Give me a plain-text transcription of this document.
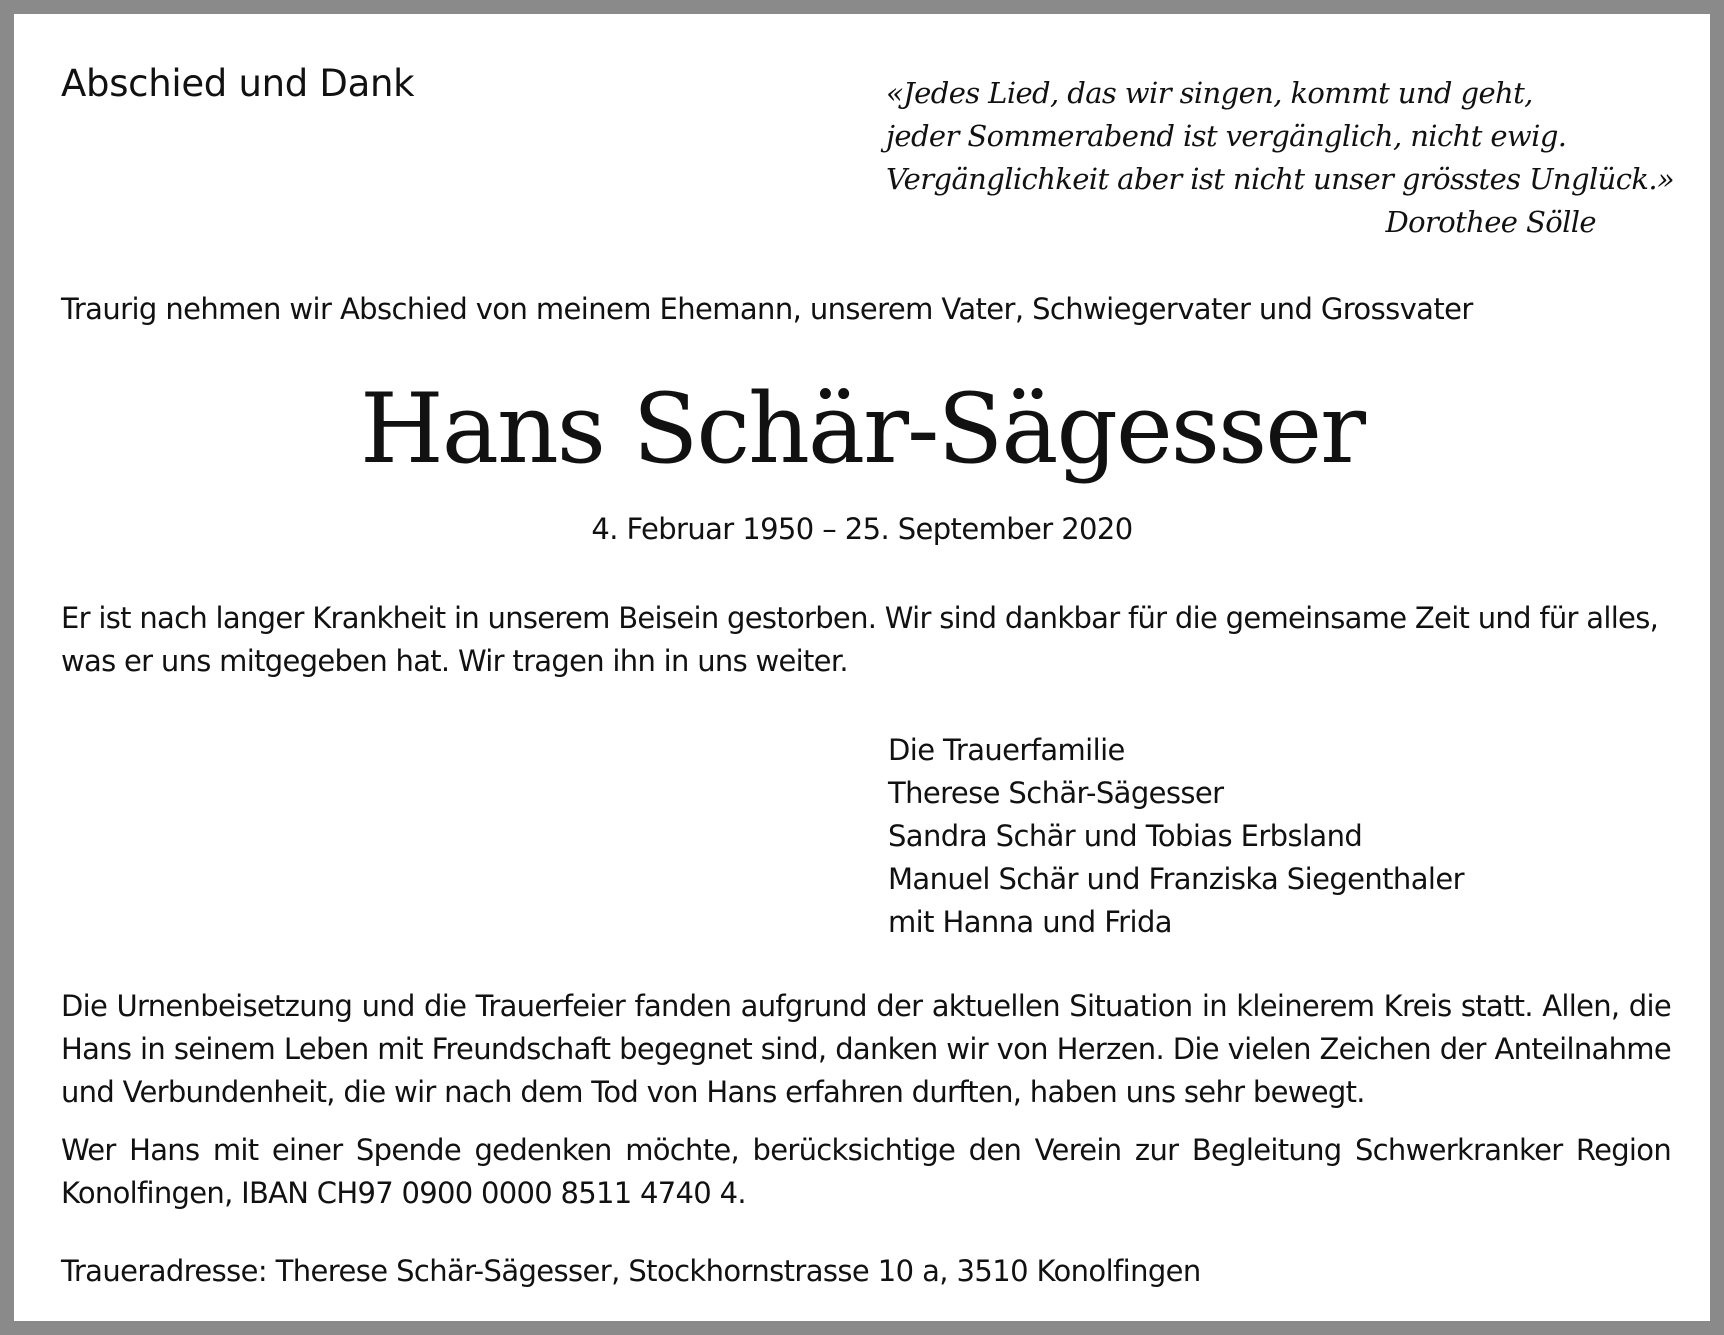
Abschied und Dank	«Jedes Lied, das wir singen, kommt und geht,
jeder Sommerabend ist vergänglich, nicht ewig.
Vergänglichkeit aber ist nicht unser grösstes Unglück.»
Dorothee Sölle
Traurig nehmen wir Abschied von meinem Ehemann, unserem Vater, Schwiegervater und Grossvater
Hans Schär-Sägesser
4. Februar 1950 – 25. September 2020
Er ist nach langer Krankheit in unserem Beisein gestorben. Wir sind dankbar für die gemeinsame Zeit und für alles, was er uns mitgegeben hat. Wir tragen ihn in uns weiter.
Die Trauerfamilie
Therese Schär-Sägesser
Sandra Schär und Tobias Erbsland
Manuel Schär und Franziska Siegenthaler
mit Hanna und Frida
Die Urnenbeisetzung und die Trauerfeier fanden aufgrund der aktuellen Situation in kleinerem Kreis statt. Allen, die Hans in seinem Leben mit Freundschaft begegnet sind, danken wir von Herzen. Die vielen Zeichen der Anteilnahme und Verbundenheit, die wir nach dem Tod von Hans erfahren durften, haben uns sehr bewegt.
Wer Hans mit einer Spende gedenken möchte, berücksichtige den Verein zur Begleitung Schwerkranker Region Konolfingen, IBAN CH97 0900 0000 8511 4740 4.
Traueradresse: Therese Schär-Sägesser, Stockhornstrasse 10 a, 3510 Konolfingen
